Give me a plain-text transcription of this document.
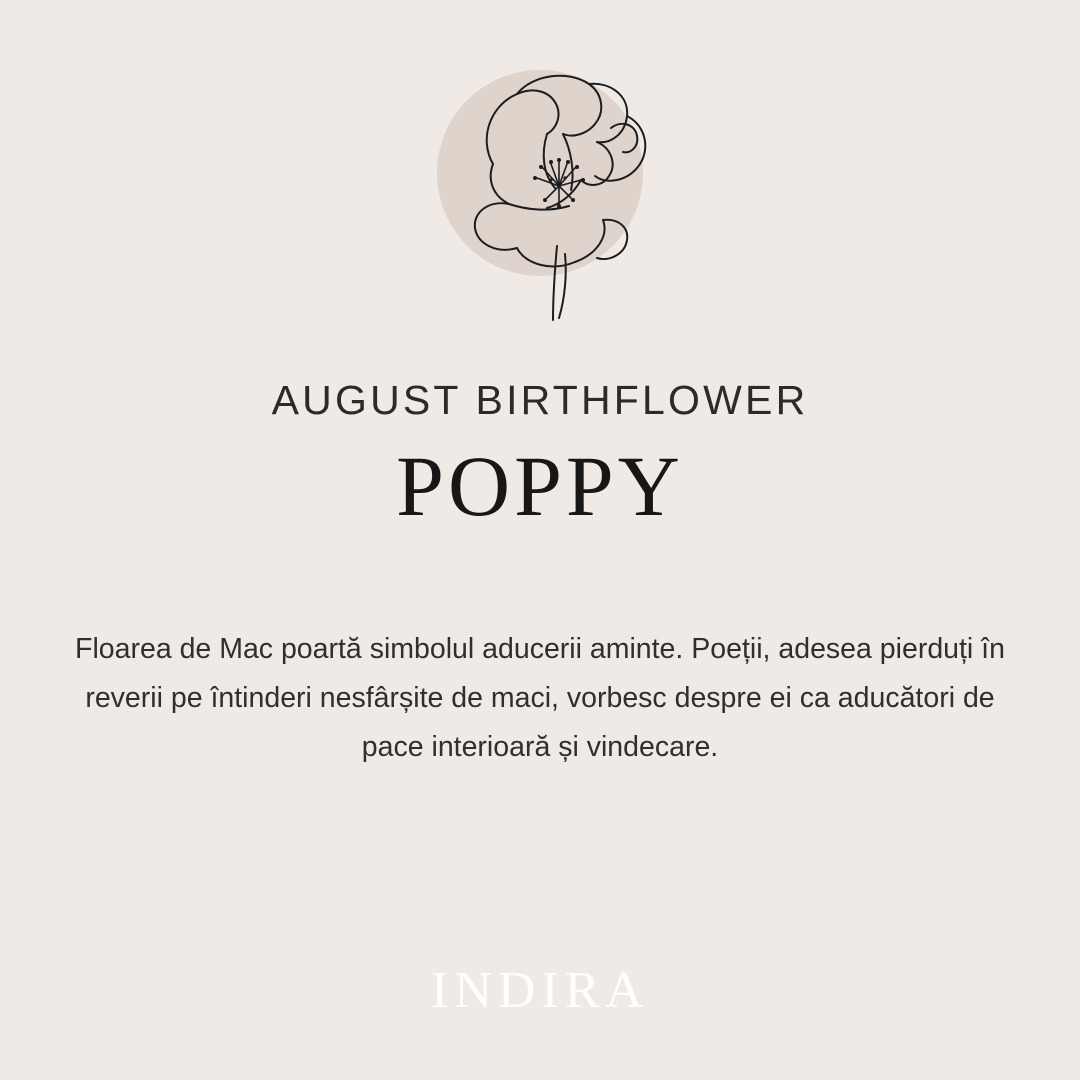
AUGUST BIRTHFLOWER
POPPY
Floarea de Mac poartă simbolul aducerii aminte. Poeții, adesea pierduți în reverii pe întinderi nesfârșite de maci, vorbesc despre ei ca aducători de pace interioară și vindecare.
INDIRA
